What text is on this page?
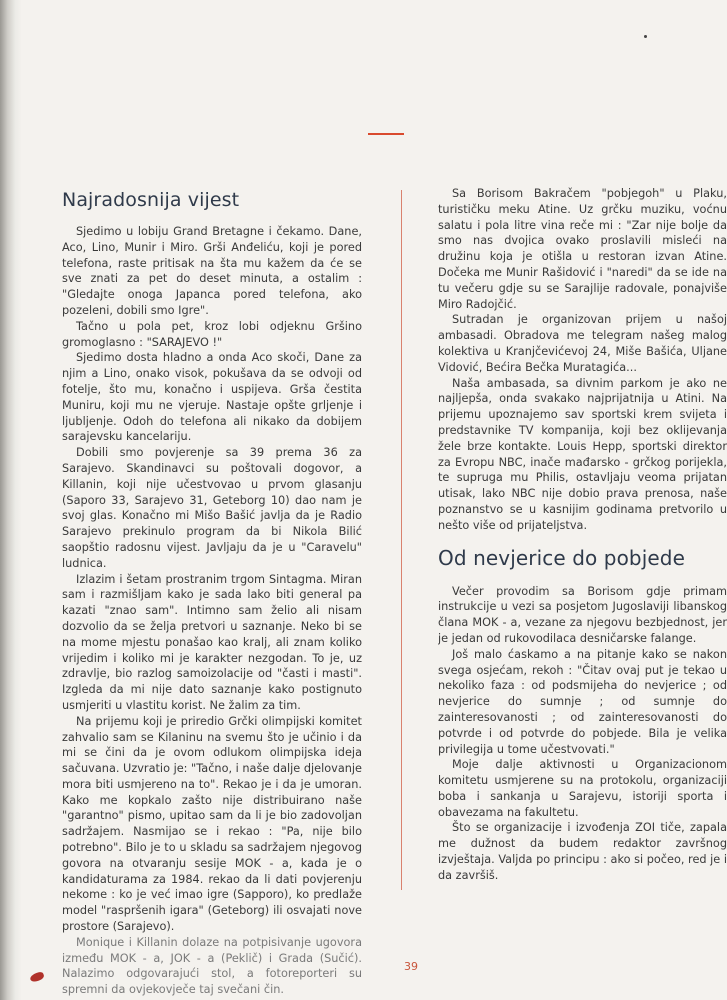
Najradosnija vijest

Sjedimo u lobiju Grand Bretagne i čekamo. Dane, Aco, Lino, Munir i Miro. Grši Anđeliću, koji je pored telefona, raste pritisak na šta mu kažem da će se sve znati za pet do deset minuta, a ostalim : "Gledajte onoga Japanca pored telefona, ako pozeleni, dobili smo Igre".

Tačno u pola pet, kroz lobi odjeknu Gršino gromoglasno : "SARAJEVO !"

Sjedimo dosta hladno a onda Aco skoči, Dane za njim a Lino, onako visok, pokušava da se odvoji od fotelje, što mu, konačno i uspijeva. Grša čestita Muniru, koji mu ne vjeruje. Nastaje opšte grljenje i ljubljenje. Odoh do telefona ali nikako da dobijem sarajevsku kancelariju.

Dobili smo povjerenje sa 39 prema 36 za Sarajevo. Skandinavci su poštovali dogovor, a Killanin, koji nije učestvovao u prvom glasanju (Saporo 33, Sarajevo 31, Geteborg 10) dao nam je svoj glas. Konačno mi Mišo Bašić javlja da je Radio Sarajevo prekinulo program da bi Nikola Bilić saopštio radosnu vijest. Javljaju da je u "Caravelu" ludnica.

Izlazim i šetam prostranim trgom Sintagma. Miran sam i razmišljam kako je sada lako biti general pa kazati "znao sam". Intimno sam želio ali nisam dozvolio da se želja pretvori u saznanje. Neko bi se na mome mjestu ponašao kao kralj, ali znam koliko vrijedim i koliko mi je karakter nezgodan. To je, uz zdravlje, bio razlog samoizolacije od "časti i masti". Izgleda da mi nije dato saznanje kako postignuto usmjeriti u vlastitu korist. Ne žalim za tim.

Na prijemu koji je priredio Grčki olimpijski komitet zahvalio sam se Kilaninu na svemu što je učinio i da mi se čini da je ovom odlukom olimpijska ideja sačuvana. Uzvratio je: "Tačno, i naše dalje djelovanje mora biti usmjereno na to". Rekao je i da je umoran. Kako me kopkalo zašto nije distribuirano naše "garantno" pismo, upitao sam da li je bio zadovoljan sadržajem. Nasmijao se i rekao : "Pa, nije bilo potrebno". Bilo je to u skladu sa sadržajem njegovog govora na otvaranju sesije MOK - a, kada je o kandidaturama za 1984. rekao da li dati povjerenju nekome : ko je već imao igre (Sapporo), ko predlaže model "raspršenih igara" (Geteborg) ili osvajati nove prostore (Sarajevo).

Monique i Killanin dolaze na potpisivanje ugovora između MOK - a, JOK - a (Peklič) i Grada (Sučić). Nalazimo odgovarajući stol, a fotoreporteri su spremni da ovjekovječe taj svečani čin.

Sa Borisom Bakračem "pobjegoh" u Plaku, turističku meku Atine. Uz grčku muziku, voćnu salatu i pola litre vina reče mi : "Zar nije bolje da smo nas dvojica ovako proslavili misleći na družinu koja je otišla u restoran izvan Atine. Dočeka me Munir Rašidović i "naredi" da se ide na tu večeru gdje su se Sarajlije radovale, ponajviše Miro Radojčić.

Sutradan je organizovan prijem u našoj ambasadi. Obradova me telegram našeg malog kolektiva u Kranjčevićevoj 24, Miše Bašića, Uljane Vidović, Bećira Bečka Muratagića...

Naša ambasada, sa divnim parkom je ako ne najljepša, onda svakako najprijatnija u Atini. Na prijemu upoznajemo sav sportski krem svijeta i predstavnike TV kompanija, koji bez oklijevanja žele brze kontakte. Louis Hepp, sportski direktor za Evropu NBC, inače mađarsko - grčkog porijekla, te supruga mu Philis, ostavljaju veoma prijatan utisak, lako NBC nije dobio prava prenosa, naše poznanstvo se u kasnijim godinama pretvorilo u nešto više od prijateljstva.

Od nevjerice do pobjede

Večer provodim sa Borisom gdje primam instrukcije u vezi sa posjetom Jugoslaviji libanskog člana MOK - a, vezane za njegovu bezbjednost, jer je jedan od rukovodilaca desničarske falange.

Još malo ćaskamo a na pitanje kako se nakon svega osjećam, rekoh : "Čitav ovaj put je tekao u nekoliko faza : od podsmijeha do nevjerice ; od nevjerice do sumnje ; od sumnje do zainteresovanosti ; od zainteresovanosti do potvrde i od potvrde do pobjede. Bila je velika privilegija u tome učestvovati."

Moje dalje aktivnosti u Organizacionom komitetu usmjerene su na protokolu, organizaciji boba i sankanja u Sarajevu, istoriji sporta i obavezama na fakultetu.

Što se organizacije i izvođenja ZOI tiče, zapala me dužnost da budem redaktor završnog izvještaja. Valjda po principu : ako si počeo, red je i da završiš.

39
